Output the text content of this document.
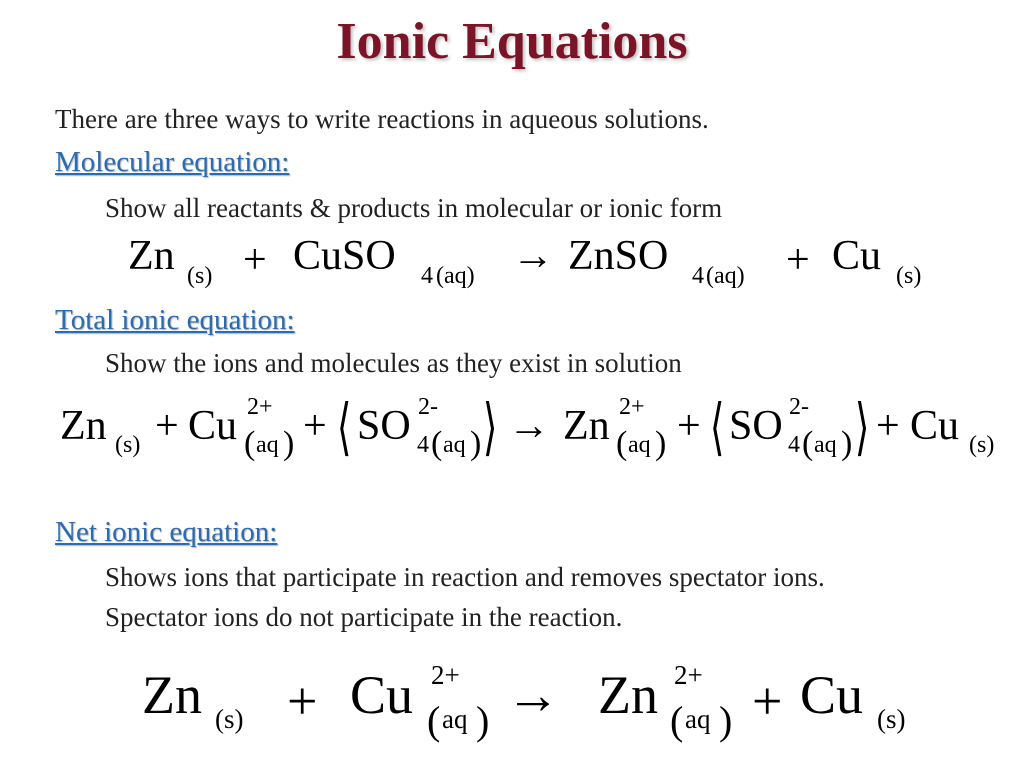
Ionic Equations
There are three ways to write reactions in aqueous solutions.
Molecular equation:
Show all reactants & products in molecular or ionic form
Zn (s) + CuSO 4 (aq) → ZnSO 4 (aq) + Cu (s)
Total ionic equation:
Show the ions and molecules as they exist in solution
Zn (s) + Cu 2+
( aq ) + ⟨ SO 2-
4 ( aq ) ⟩ → Zn 2+
( aq ) + ⟨ SO 2-
4 ( aq ) ⟩ + Cu (s)
Net ionic equation:
Shows ions that participate in reaction and removes spectator ions.
Spectator ions do not participate in the reaction.
Zn (s) + Cu 2+
( aq ) → Zn 2+
( aq ) + Cu (s)
